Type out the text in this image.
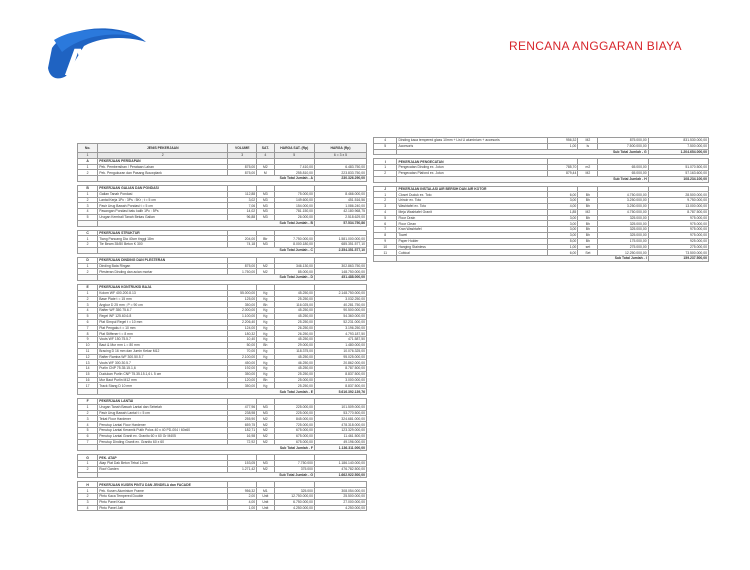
Acis	RENCANA ANGGARAN BIAYA
No.	JENIS PEKERJAAN	VOLUME	SAT.	HARGA SAT. (Rp)	HARGA (Rp)
1	2	3	4	5	6 = 3 x 5
A	PEKERJAAN PERSIAPAN				
1	Pek. Pembersihan / Perataan Lahan	875,00	M2	7.410,00	6.483.750,00
2	Pek. Pengukuran dan Pasang Bouwplank	875,00	M	255.810,00	223.833.750,00
	Sub Total Jumlah - A				230.326.290,00

B	PEKERJAAN GALIAN DAN PONDASI				
1	Galian Tanah Pondasi	112,88	M3	75.000,00	8.466.000,00
2	Lantai Kerja 1Pc : 3Ps : 5Kr ; t = 5 cm	3,02	M3	149.600,00	451.516,56
3	Pasir Urug Bawah Pondasi t = 5 cm	7,06	M3	154.000,00	1.086.240,00
4	Pasangan Pondasi batu kalih 1Pc : 5Ps	14,02	M3	781.150,00	42.180.968,75
5	Urugan Kembali Tanah Bekas Galian	96,88	M3	26.000,00	2.518.629,00
	Sub Total Jumlah - B				57.534.750,86

C	PEKERJAAN STRUKTUR				
1	Tiang Pancang Dia 40cm tinggi 18m	204,00	Btr	7.750.000,00	1.581.000.000,00
2	Tie Beam 35/80 Beton K 300	74,18	M3	8.000.180,00	685.351.577,10
	Sub Total Jumlah - C				2.354.351.577,10

D	PEKERJAAN DINDING DAN PLESTERAN				
1	Dinding Bata Ringan	875,00	M2	346.130,00	302.863.750,00
2	Plesteran Dinding dan acian mortar	1.750,00	M2	85.000,00	148.750.000,00
	Sub Total Jumlah - D				451.488.000,00

E	PEKERJAAN KONTRUKSI BAJA				
1	Kolom WF 400.200.8.13	55.000,00	Kg	45.250,00	2.148.750.000,00
2	Base Plate t = 15 mm	125,00	Kg	25.250,00	3.032.250,00
3	Angkur D 25 mm ; P = 90 cm	350,00	Bh	116.025,00	40.281.750,00
4	Rafter WF 350.75.6.7	2.000,00	Kg	45.250,00	90.500.000,00
5	Regel WF 125.60.6.8	1.100,00	Kg	45.250,00	54.360.000,00
6	Plat Simpul Regel t = 10 mm	2.206,40	Kg	25.250,00	52.231.000,00
7	Plat Pengaku t = 10 mm	124,00	Kg	26.250,00	3.196.250,00
8	Plat Stiffener t = 8 mm	180,32	Kg	26.250,00	4.793.187,50
9	Vouts WF 150.75.5.7	10,40	Kg	45.250,00	471.587,50
10	Baut & Mur mm L = 80 mm	50,00	Bh	29.000,00	1.480.000,00
11	Bracing D 16 mm dan Jumin Kekar M12	70,00	Kg	118.375,00	10.076.325,00
12	Rafter Ramba WF 300.50.5.7	2.100,00	Kg	45.250,00	95.025.000,00
13	Vouts WF 300.30.5.7	450,00	Kg	46.250,00	20.862.000,00
14	Purlin CNP 75.35.15.1,6	192,00	Kg	45.250,00	8.787.500,00
15	Dudukan Purlin CNP 75.35.15.1,6 L 5 cm	350,00	Kg	25.250,00	8.837.500,00
16	Mur Baut Purlin M12 mm	120,00	Bh	25.000,00	3.000.000,00
17	Track Stang D 10 mm	350,00	Kg	25.250,00	8.837.500,00
	Sub Total Jumlah - E				5.616.392.139,76

F	PEKERJAAN LANTAI				
1	Urugan Tanah Bawah Lantai dan Sebelah	477,96	M3	225.000,00	101.509.000,00
2	Pasir Urug Bawah Lantai t = 5 cm	238,98	M3	225.000,00	53.770.500,00
3	Tekat Floor Hardener	255,90	M2	845.000,00	324.681.000,00
4	Penutup Lantai Floor Hardener	659,75	M2	725.000,00	478.318.000,00
5	Penutup Lantai Keramik Putih Polos 40 x 40 PD-004 / 60x60	182,71	M2	675.000,00	123.329.000,00
6	Penutup Lantai Granit ex. Granito 60 x 60 Gr M405	16,98	M2	675.000,00	11.461.500,00
7	Penutup Dinding Granit ex. Granito 60 x 60	72,92	M2	675.000,00	49.196.000,00
	Sub Total Jumlah - F				1.136.311.000,00

G	PEK. ATAP				
1	Atap Plat Dak Beton Tebal 12cm	153,05	M3	7.750.000	1.186.140.000,00
2	Roof Garden	1.271,42	M2	375.000	476.782.500,00
	Sub Total Jumlah - G				1.662.922.500,00

H	PEKERJAAN KUSEN PINTU DAN JENDELA dan FACADE				
1	Pek. Kusen Aluminium Frame	956,32	M1	325.000	308.054.000,00
2	Pintu Kaca Tempered Double	2,00	Unit	12.750.000,00	25.500.000,00
3	Pintu Panel Kaca	4,00	Unit	6.750.000,00	27.000.000,00
4	Pintu Panel Jati	1,00	Unit	4.250.000,00	4.250.000,00
4	Dinding kaca tempered glass 10mm + List U aluminium + accesoris	956,32	M2	875.000,00	831.530.000,00
5	Accesoris	1,00	ls	7.500.000,00	7.500.000,00
	Sub Total Jumlah - G				1.204.654.000,00

I	PEKERJAAN PENGECATAN				
1	Pengecatan Dinding ex. Jotun	785,70	m2	65.000,00	51.070.500,00
2	Pengecatan Plafond ex. Jotun	879,44	M2	65.000,00	57.163.600,00
	Sub Total Jumlah - H				108.234.100,00

J	PEKERJAAN INSTALASI AIR BERSIH DAN AIR KOTOR				
1	Closet Duduk ex. Toto	6,00	Bh	4.750.000,00	28.500.000,00
2	Urinoir ex. Toto	3,00	Bh	3.250.000,00	9.750.000,00
3	Washtafel ex. Toto	4,00	Bh	3.250.000,00	13.000.000,00
4	Meja Washtafel Granit	1,85	M2	4.750.000,00	8.787.500,00
5	Floor Drain	3,00	Bh	325.000,00	975.000,00
6	Floor Clean	3,00	Bh	325.000,00	975.000,00
7	Kran Washtafel	3,00	Bh	325.000,00	975.000,00
8	Towel	3,00	Bh	325.000,00	975.000,00
9	Paper Holder	5,00	Bh	175.000,00	925.000,00
10	Hanging Stainless	1,00	set	275.000,00	275.000,00
11	Cubical	6,00	Set	12.250.000,00	73.500.000,00
	Sub Total Jumlah - I				159.237.500,00
